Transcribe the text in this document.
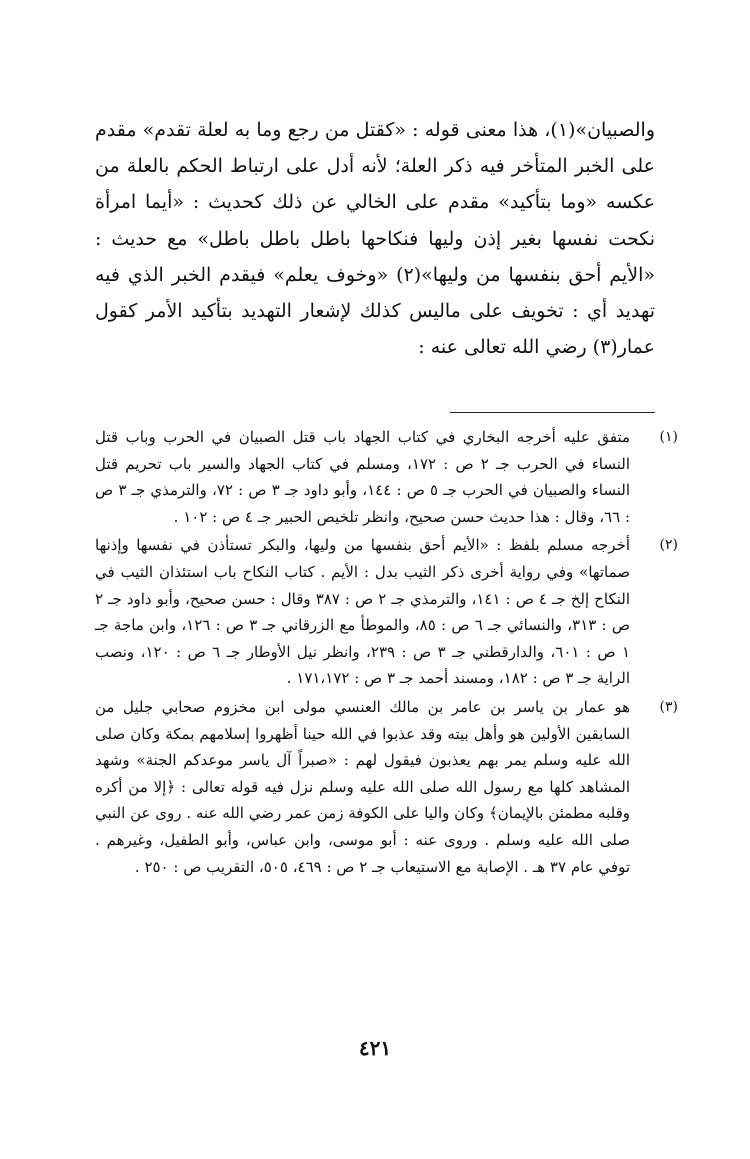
والصبيان»(١)، هذا معنى قوله : «كقتل من رجع وما به لعلة تقدم» مقدم على الخبر المتأخر فيه ذكر العلة؛ لأنه أدل على ارتباط الحكم بالعلة من عكسه «وما بتأكيد» مقدم على الخالي عن ذلك كحديث : «أيما امرأة نكحت نفسها بغير إذن وليها فنكاحها باطل باطل باطل» مع حديث : «الأيم أحق بنفسها من وليها»(٢) «وخوف يعلم» فيقدم الخبر الذي فيه تهديد أي : تخويف على ماليس كذلك لإشعار التهديد بتأكيد الأمر كقول عمار(٣) رضي الله تعالى عنه :

(١)
متفق عليه أخرجه البخاري في كتاب الجهاد باب قتل الصبيان في الحرب وباب قتل النساء في الحرب جـ ٢ ص : ١٧٢، ومسلم في كتاب الجهاد والسير باب تحريم قتل النساء والصبيان في الحرب جـ ٥ ص : ١٤٤، وأبو داود جـ ٣ ص : ٧٢، والترمذي جـ ٣ ص : ٦٦، وقال : هذا حديث حسن صحيح، وانظر تلخيص الحبير جـ ٤ ص : ١٠٢ .
(٢)
أخرجه مسلم بلفظ : «الأيم أحق بنفسها من وليها، والبكر تستأذن في نفسها وإذنها صماتها» وفي رواية أخرى ذكر الثيب بدل : الأيم . كتاب النكاح باب استئذان الثيب في النكاح إلخ جـ ٤ ص : ١٤١، والترمذي جـ ٢ ص : ٣٨٧ وقال : حسن صحيح، وأبو داود جـ ٢ ص : ٣١٣، والنسائي جـ ٦ ص : ٨٥، والموطأ مع الزرقاني جـ ٣ ص : ١٢٦، وابن ماجة جـ ١ ص : ٦٠١، والدارقطني جـ ٣ ص : ٢٣٩، وانظر نيل الأوطار جـ ٦ ص : ١٢٠، ونصب الراية جـ ٣ ص : ١٨٢، ومسند أحمد جـ ٣ ص : ١٧١،١٧٢ .
(٣)
هو عمار بن ياسر بن عامر بن مالك العنسي مولى ابن مخزوم صحابي جليل من السابقين الأولين هو وأهل بيته وقد عذبوا في الله حينا أظهروا إسلامهم بمكة وكان صلى الله عليه وسلم يمر بهم يعذبون فيقول لهم : «صبراً آل ياسر موعدكم الجنة» وشهد المشاهد كلها مع رسول الله صلى الله عليه وسلم نزل فيه قوله تعالى : ﴿إلا من أكره وقلبه مطمئن بالإيمان﴾ وكان واليا على الكوفة زمن عمر رضي الله عنه . روى عن النبي صلى الله عليه وسلم . وروى عنه : أبو موسى، وابن عباس، وأبو الطفيل، وغيرهم . توفي عام ٣٧ هـ . الإصابة مع الاستيعاب جـ ٢ ص : ٤٦٩، ٥٠٥، التقريب ص : ٢٥٠ .
٤٢١
